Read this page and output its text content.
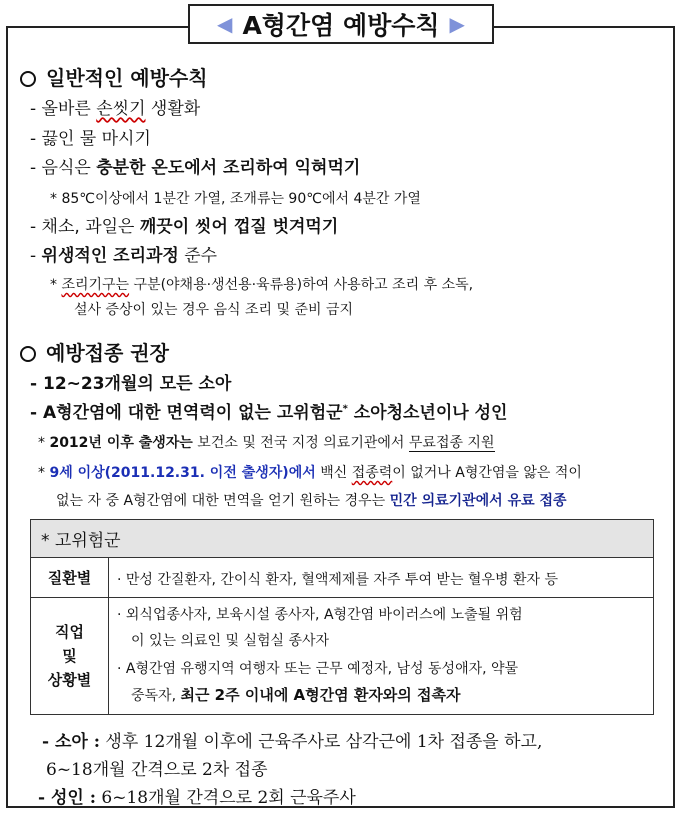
◀ A형간염 예방수칙 ▶
일반적인 예방수칙
- 올바른 손씻기 생활화
- 끓인 물 마시기
- 음식은 충분한 온도에서 조리하여 익혀먹기
* 85℃이상에서 1분간 가열, 조개류는 90℃에서 4분간 가열
- 채소, 과일은 깨끗이 씻어 껍질 벗겨먹기
- 위생적인 조리과정 준수
* 조리기구는 구분(야채용·생선용·육류용)하여 사용하고 조리 후 소독,
설사 증상이 있는 경우 음식 조리 및 준비 금지
예방접종 권장
- 12~23개월의 모든 소아
- A형간염에 대한 면역력이 없는 고위험군* 소아청소년이나 성인
* 2012년 이후 출생자는 보건소 및 전국 지정 의료기관에서 무료접종 지원
* 9세 이상(2011.12.31. 이전 출생자)에서 백신 접종력이 없거나 A형간염을 앓은 적이
없는 자 중 A형간염에 대한 면역을 얻기 원하는 경우는 민간 의료기관에서 유료 접종
* 고위험군
질환별	· 만성 간질환자, 간이식 환자, 혈액제제를 자주 투여 받는 혈우병 환자 등
직업
및
상황별
· 외식업종사자, 보육시설 종사자, A형간염 바이러스에 노출될 위험
이 있는 의료인 및 실험실 종사자
· A형간염 유행지역 여행자 또는 근무 예정자, 남성 동성애자, 약물
중독자, 최근 2주 이내에 A형간염 환자와의 접촉자
- 소아 : 생후 12개월 이후에 근육주사로 삼각근에 1차 접종을 하고,
6~18개월 간격으로 2차 접종
- 성인 : 6~18개월 간격으로 2회 근육주사
